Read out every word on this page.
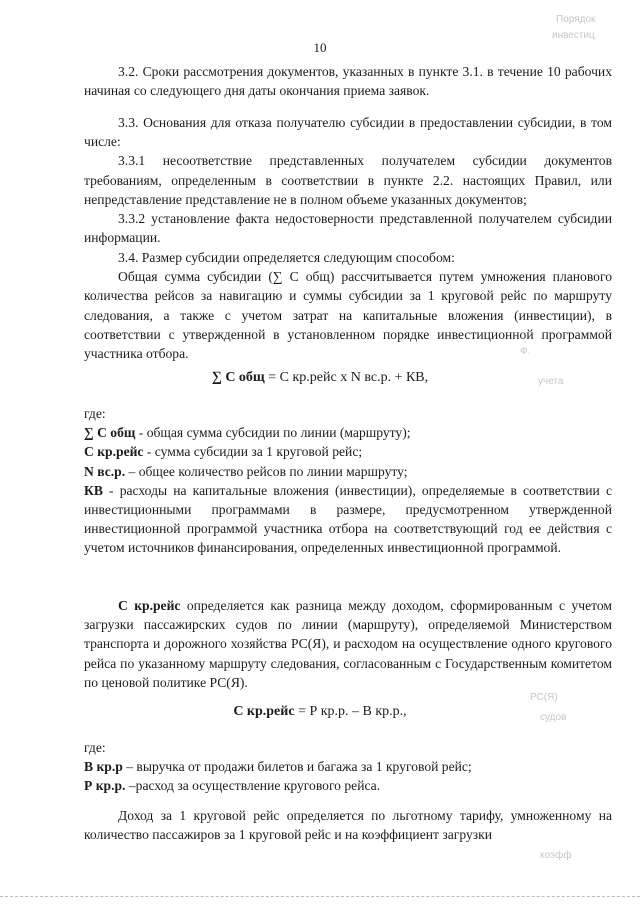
Порядок
инвестиц
10

3.2. Сроки рассмотрения документов, указанных в пункте 3.1. в течение 10 рабочих начиная со следующего дня даты окончания приема заявок.

3.3. Основания для отказа получателю субсидии в предоставлении субсидии, в том числе:

3.3.1 несоответствие представленных получателем субсидии документов требованиям, определенным в соответствии в пункте 2.2. настоящих Правил, или непредставление представление не в полном объеме указанных документов;

3.3.2 установление факта недостоверности представленной получателем субсидии информации.

3.4. Размер субсидии определяется следующим способом:

Общая сумма субсидии (∑ С общ) рассчитывается путем умножения планового количества рейсов за навигацию и суммы субсидии за 1 круговой рейс по маршруту следования, а также с учетом затрат на капитальные вложения (инвестиции), в соответствии с утвержденной в установленном порядке инвестиционной программой участника отбора.	Ф.
учета
∑ С общ = С кр.рейс х N вс.р. + КВ,

где:

∑ С общ - общая сумма субсидии по линии (маршруту);

С кр.рейс - сумма субсидии за 1 круговой рейс;

N вс.р. – общее количество рейсов по линии маршруту;

КВ - расходы на капитальные вложения (инвестиции), определяемые в соответствии с инвестиционными программами в размере, предусмотренном утвержденной инвестиционной программой участника отбора на соответствующий год ее действия с учетом источников финансирования, определенных инвестиционной программой.

С кр.рейс определяется как разница между доходом, сформированным с учетом загрузки пассажирских судов по линии (маршруту), определяемой Министерством транспорта и дорожного хозяйства РС(Я), и расходом на осуществление одного кругового рейса по указанному маршруту следования, согласованным с Государственным комитетом по ценовой политике РС(Я).

РС(Я)
судов
С кр.рейс = Р кр.р. – В кр.р.,

где:

В кр.р – выручка от продажи билетов и багажа за 1 круговой рейс;

Р кр.р. –расход за осуществление кругового рейса.

Доход за 1 круговой рейс определяется по льготному тарифу, умноженному на количество пассажиров за 1 круговой рейс и на коэффициент загрузки

коэфф
